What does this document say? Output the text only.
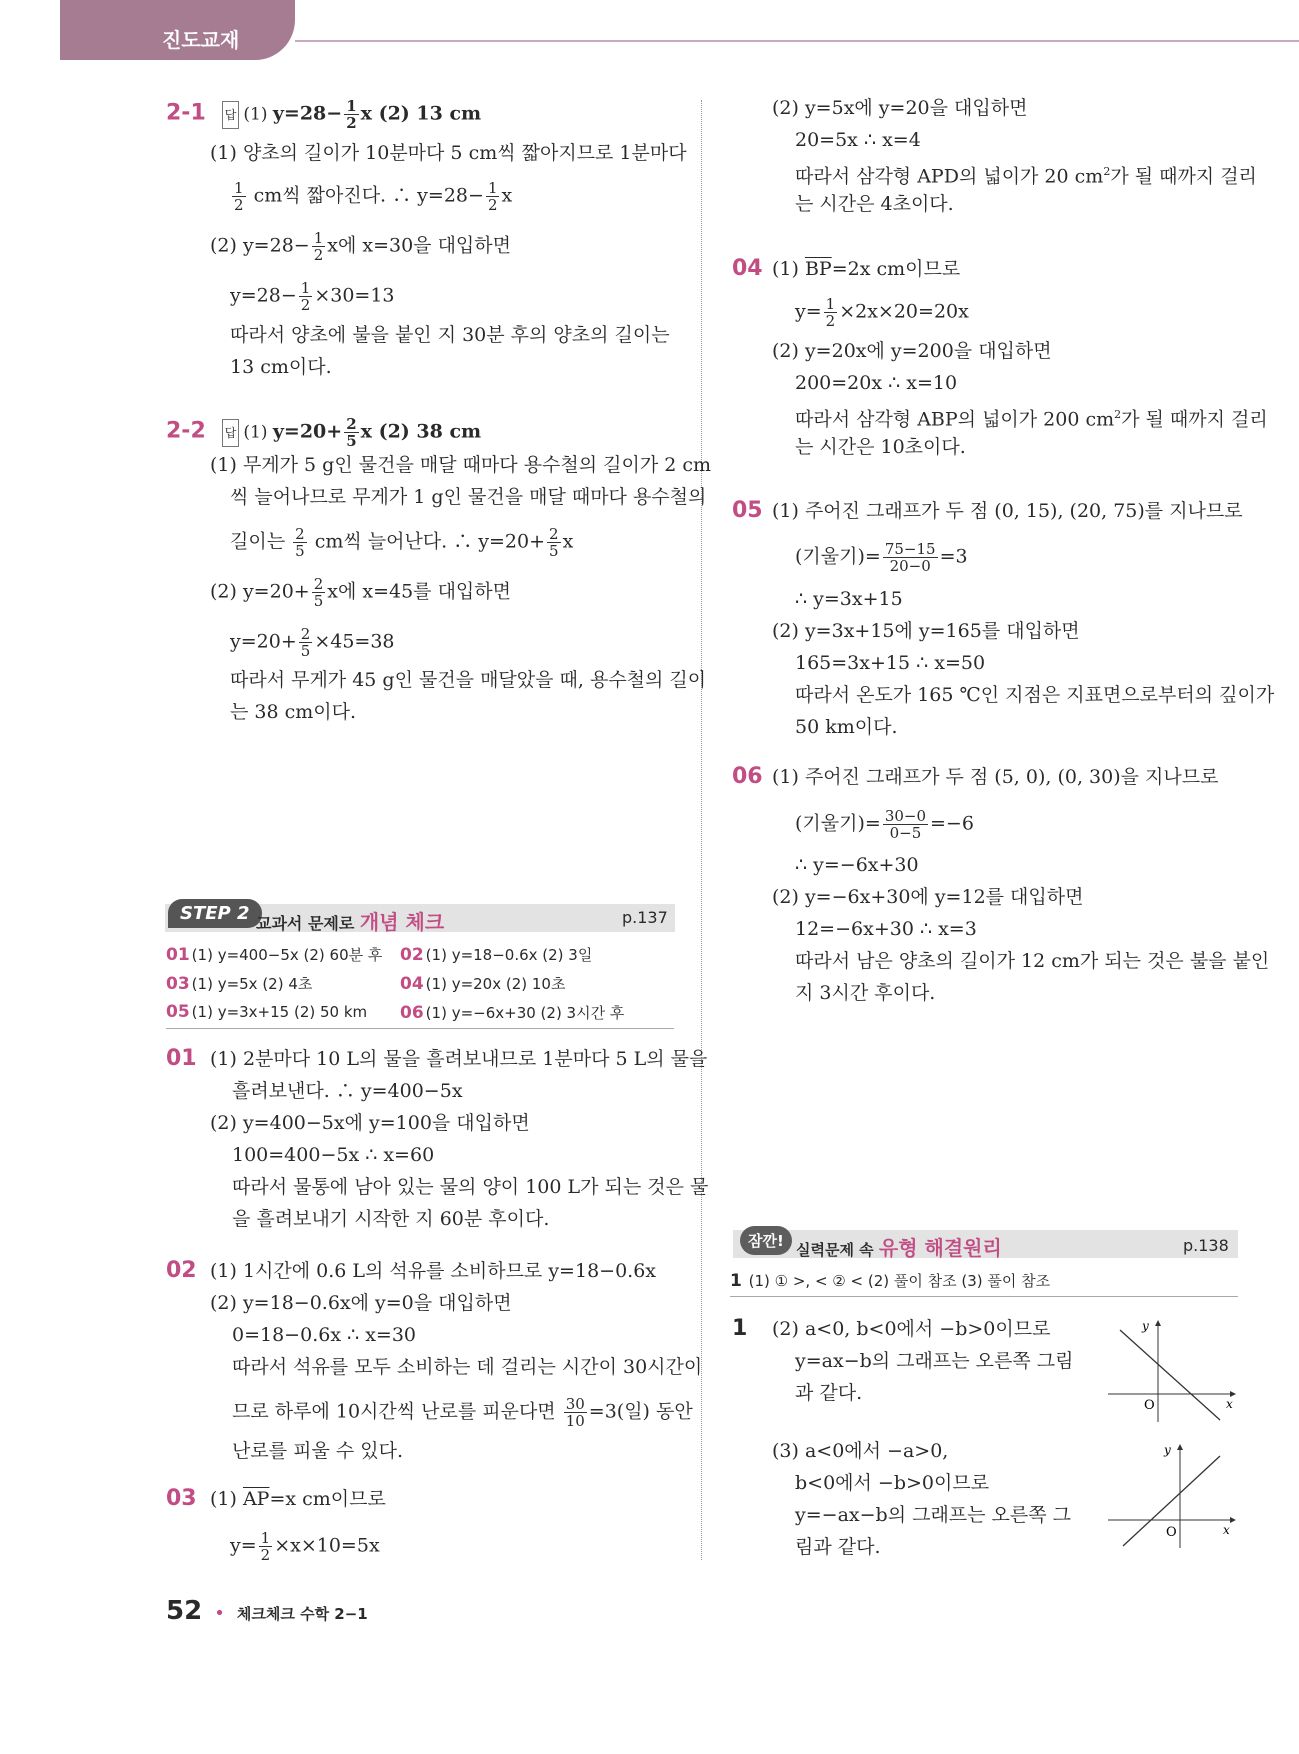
진도교재
2-1 답 (1) $y=28- \frac{1}{2}$ x (2) 13 cm
(1) 양초의 길이가 10분마다 5 cm씩 짧아지므로 1분마다
$\frac{1}{2}$ cm씩 짧아진다. ∴ $y=28- \frac{1}{2}$ x
(2) $y=28- \frac{1}{2}$ x에 x=30을 대입하면
$y=28- \frac{1}{2} \times 30=13$
따라서 양초에 불을 붙인 지 30분 후의 양초의 길이는
13 cm이다.
2-2 답 (1) $y=20+ \frac{2}{5}$ x (2) 38 cm
(1) 무게가 5 g인 물건을 매달 때마다 용수철의 길이가 2 cm
씩 늘어나므로 무게가 1 g인 물건을 매달 때마다 용수철의
길이는 $\frac{2}{5}$ cm씩 늘어난다. ∴ $y=20+ \frac{2}{5}$ x
(2) $y=20+ \frac{2}{5}$ x에 x=45를 대입하면
$y=20+ \frac{2}{5} \times 45=38$
따라서 무게가 45 g인 물건을 매달았을 때, 용수철의 길이
는 38 cm이다.
STEP 2 교과서 문제로 개념 체크	p.137
01 (1) y=400−5x (2) 60분 후 02 (1) y=18−0.6x (2) 3일
03 (1) y=5x (2) 4초	04 (1) y=20x (2) 10초
05 (1) y=3x+15 (2) 50 km 06 (1) y=−6x+30 (2) 3시간 후
01 (1) 2분마다 10 L의 물을 흘려보내므로 1분마다 5 L의 물을
흘려보낸다. ∴ y=400−5x
(2) y=400−5x에 y=100을 대입하면
100=400−5x ∴ x=60
따라서 물통에 남아 있는 물의 양이 100 L가 되는 것은 물
을 흘려보내기 시작한 지 60분 후이다.
02 (1) 1시간에 0.6 L의 석유를 소비하므로 y=18−0.6x
(2) y=18−0.6x에 y=0을 대입하면
0=18−0.6x ∴ x=30
따라서 석유를 모두 소비하는 데 걸리는 시간이 30시간이
므로 하루에 10시간씩 난로를 피운다면 $\frac{30}{10} =3$(일) 동안
난로를 피울 수 있다.
03 (1) $\overline{AP}=x$ cm이므로
$y= \frac{1}{2} \times x\times 10=5x$
(2) y=5x에 y=20을 대입하면
20=5x ∴ x=4
따라서 삼각형 APD의 넓이가 20 $cm^2$가 될 때까지 걸리
는 시간은 4초이다.
04 (1) $\overline{BP}=2x$ cm이므로
$y= \frac{1}{2} \times 2x\times 20=20x$
(2) y=20x에 y=200을 대입하면
200=20x ∴ x=10
따라서 삼각형 ABP의 넓이가 200 $cm^2$가 될 때까지 걸리
는 시간은 10초이다.
05 (1) 주어진 그래프가 두 점 (0, 15), (20, 75)를 지나므로
(기울기)= $\frac{75-15}{20-0} =3$
∴ y=3x+15
(2) y=3x+15에 y=165를 대입하면
165=3x+15 ∴ x=50
따라서 온도가 165 ℃인 지점은 지표면으로부터의 깊이가
50 km이다.
06 (1) 주어진 그래프가 두 점 (5, 0), (0, 30)을 지나므로
(기울기)= $\frac{30-0}{0-5} =-6$
∴ y=−6x+30
(2) y=−6x+30에 y=12를 대입하면
12=−6x+30 ∴ x=3
따라서 남은 양초의 길이가 12 cm가 되는 것은 불을 붙인
지 3시간 후이다.
잠깐! 실력문제 속 유형 해결원리	p.138
1 (1) ① >, < ② < (2) 풀이 참조 (3) 풀이 참조
1 (2) a<0, b<0에서 −b>0이므로
y=ax−b의 그래프는 오른쪽 그림
과 같다.
(3) a<0에서 −a>0,
b<0에서 −b>0이므로
y=−ax−b의 그래프는 오른쪽 그
림과 같다.
y
x
O
y
x
O
52 • 체크체크 수학 2−1
